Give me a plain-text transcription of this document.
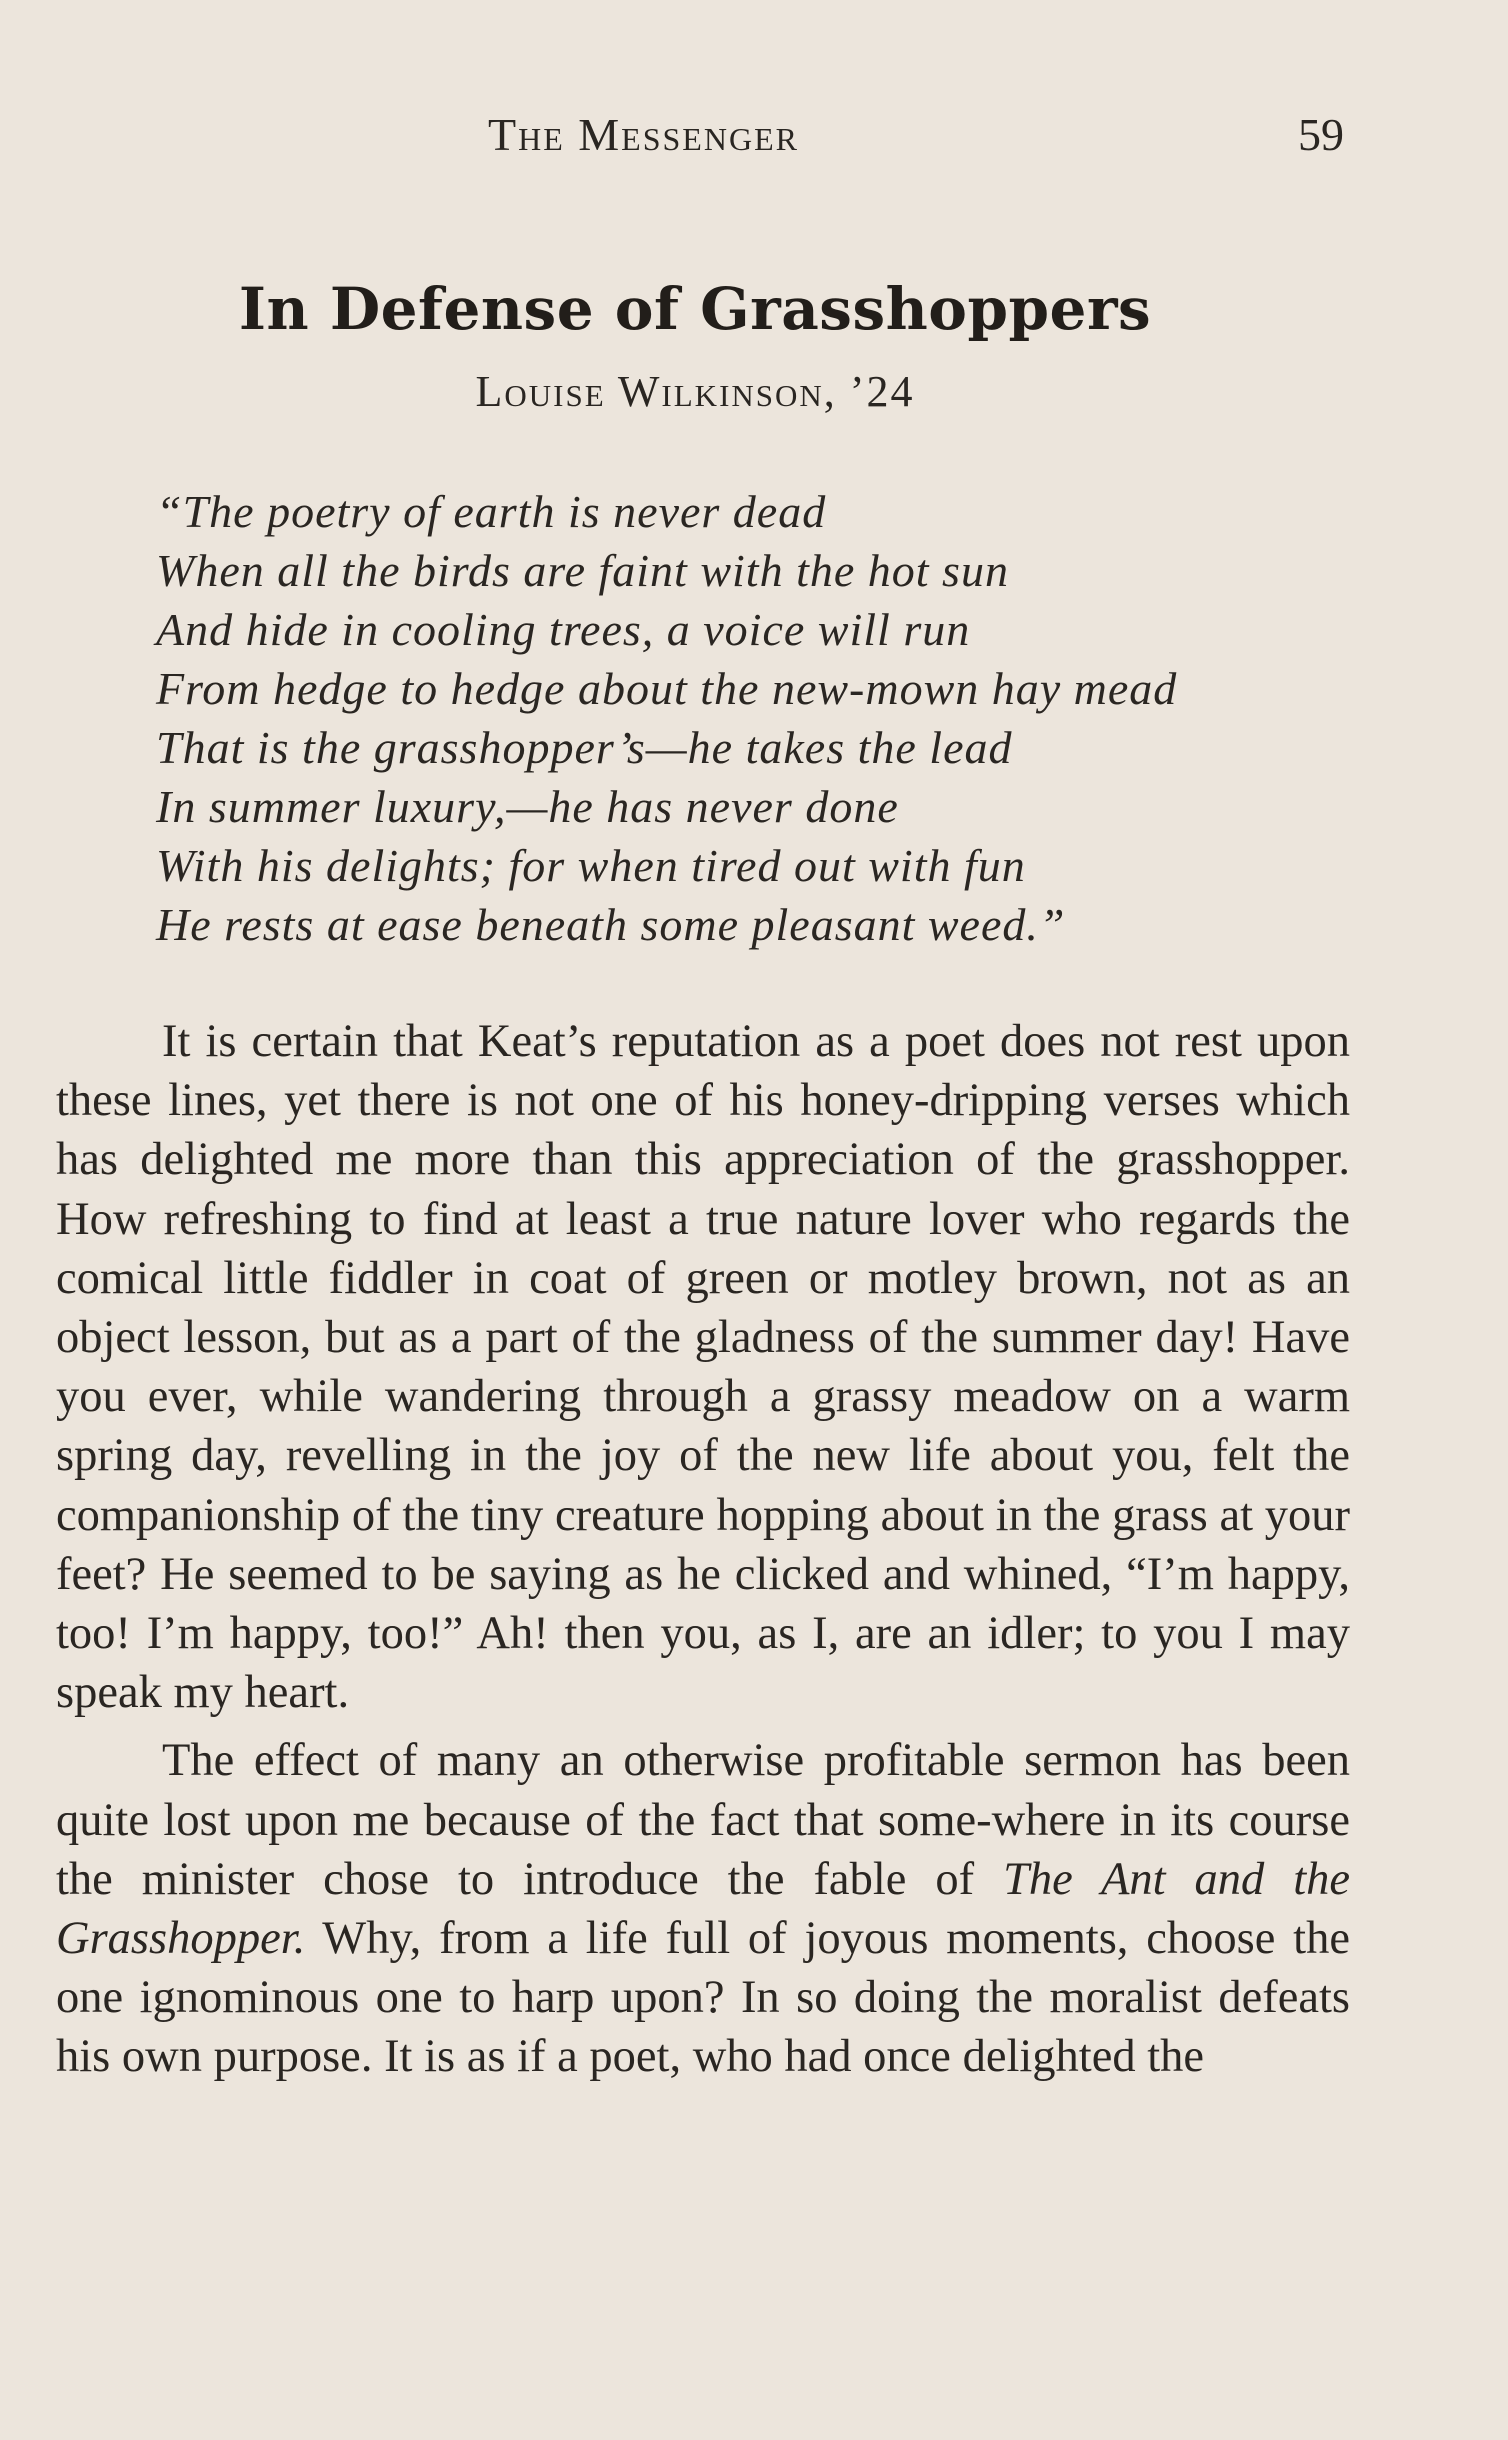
The Messenger	59
In Defense of Grasshoppers
Louise Wilkinson, ’24
“The poetry of earth is never dead
When all the birds are faint with the hot sun
And hide in cooling trees, a voice will run
From hedge to hedge about the new-mown hay mead
That is the grasshopper’s—he takes the lead
In summer luxury,—he has never done
With his delights; for when tired out with fun
He rests at ease beneath some pleasant weed.”

It is certain that Keat’s reputation as a poet does not rest upon these lines, yet there is not one of his honey-dripping verses which has delighted me more than this appreciation of the grasshopper. How refreshing to find at least a true nature lover who regards the comical little fiddler in coat of green or motley brown, not as an object lesson, but as a part of the gladness of the summer day! Have you ever, while wandering through a grassy meadow on a warm spring day, revelling in the joy of the new life about you, felt the companionship of the tiny creature hopping about in the grass at your feet? He seemed to be saying as he clicked and whined, “I’m happy, too! I’m happy, too!” Ah! then you, as I, are an idler; to you I may speak my heart.

The effect of many an otherwise profitable sermon has been quite lost upon me because of the fact that some-where in its course the minister chose to introduce the fable of The Ant and the Grasshopper. Why, from a life full of joyous moments, choose the one ignominous one to harp upon? In so doing the moralist defeats his own purpose. It is as if a poet, who had once delighted the
